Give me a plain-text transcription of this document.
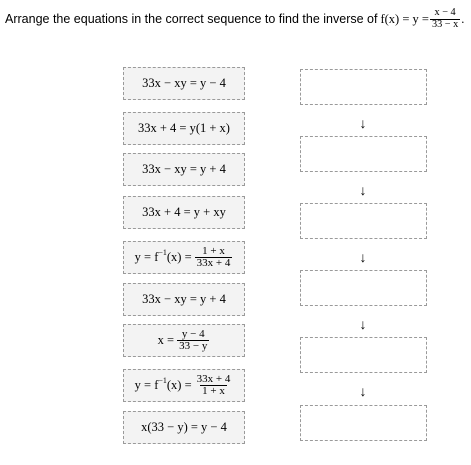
Arrange the equations in the correct sequence to find the inverse of $f(x) = y = \frac{x - 4}{33 - x}$ .
33x − xy = y − 4
33x + 4 = y(1 + x)
33x − xy = y + 4
33x + 4 = y + xy
y = f −1 $(x) = \frac{1 + x}{33x + 4}$
33x − xy = y + 4
$x = \frac{y - 4}{33 - y}$
y = f −1 $(x) = \frac{33x + 4}{1 + x}$
x(33 − y) = y − 4
↓
↓
↓
↓
↓
